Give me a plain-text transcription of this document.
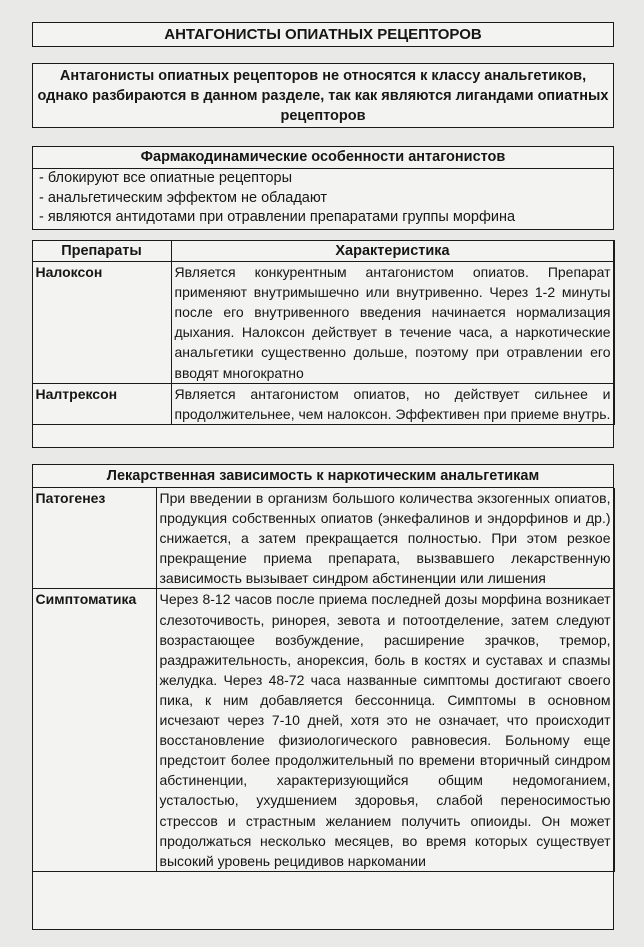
АНТАГОНИСТЫ ОПИАТНЫХ РЕЦЕПТОРОВ
Антагонисты опиатных рецепторов не относятся к классу анальгетиков, однако разбираются в данном разделе, так как являются лигандами опиатных рецепторов
Фармакодинамические особенности антагонистов
- блокируют все опиатные рецепторы
- анальгетическим эффектом не обладают
- являются антидотами при отравлении препаратами группы морфина
Препараты	Характеристика
Налоксон	Является конкурентным антагонистом опиатов. Препарат применяют внутримышечно или внутривенно. Через 1-2 минуты после его внутривенного введения начинается нормализация дыхания. Налоксон действует в течение часа, а наркотические анальгетики существенно дольше, поэтому при отравлении его вводят многократно
Налтрексон	Является антагонистом опиатов, но действует сильнее и продолжительнее, чем налоксон. Эффективен при приеме внутрь.
Лекарственная зависимость к наркотическим анальгетикам
Патогенез	При введении в организм большого количества экзогенных опиатов, продукция собственных опиатов (энкефалинов и эндорфинов и др.) снижается, а затем прекращается полностью. При этом резкое прекращение приема препарата, вызвавшего лекарственную зависимость вызывает синдром абстиненции или лишения
Симптоматика	Через 8-12 часов после приема последней дозы морфина возникает слезоточивость, ринорея, зевота и потоотделение, затем следуют возрастающее возбуждение, расширение зрачков, тремор, раздражительность, анорексия, боль в костях и суставах и спазмы желудка. Через 48-72 часа названные симптомы достигают своего пика, к ним добавляется бессонница. Симптомы в основном исчезают через 7-10 дней, хотя это не означает, что происходит восстановление физиологического равновесия. Больному еще предстоит более продолжительный по времени вторичный синдром абстиненции, характеризующийся общим недомоганием, усталостью, ухудшением здоровья, слабой переносимостью стрессов и страстным желанием получить опиоиды. Он может продолжаться несколько месяцев, во время которых существует высокий уровень рецидивов наркомании
